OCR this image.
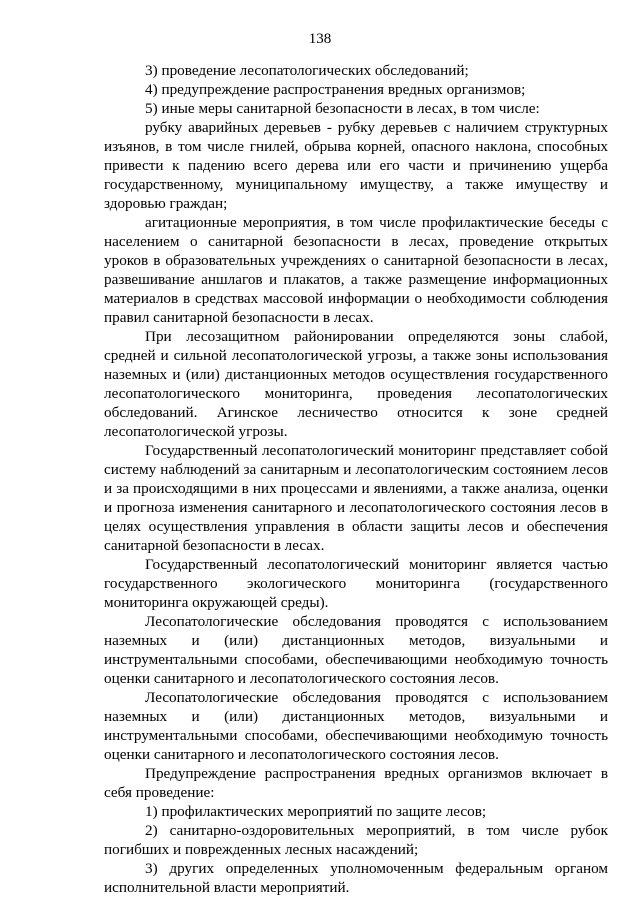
138

3) проведение лесопатологических обследований;

4) предупреждение распространения вредных организмов;

5) иные меры санитарной безопасности в лесах, в том числе:

рубку аварийных деревьев - рубку деревьев с наличием структурных изъянов, в том числе гнилей, обрыва корней, опасного наклона, способных привести к падению всего дерева или его части и причинению ущерба государственному, муниципальному имуществу, а также имуществу и здоровью граждан;

агитационные мероприятия, в том числе профилактические беседы с населением о санитарной безопасности в лесах, проведение открытых уроков в образовательных учреждениях о санитарной безопасности в лесах, развешивание аншлагов и плакатов, а также размещение информационных материалов в средствах массовой информации о необходимости соблюдения правил санитарной безопасности в лесах.

При лесозащитном районировании определяются зоны слабой, средней и сильной лесопатологической угрозы, а также зоны использования наземных и (или) дистанционных методов осуществления государственного лесопатологического мониторинга, проведения лесопатологических обследований. Агинское лесничество относится к зоне средней лесопатологической угрозы.

Государственный лесопатологический мониторинг представляет собой систему наблюдений за санитарным и лесопатологическим состоянием лесов и за происходящими в них процессами и явлениями, а также анализа, оценки и прогноза изменения санитарного и лесопатологического состояния лесов в целях осуществления управления в области защиты лесов и обеспечения санитарной безопасности в лесах.

Государственный лесопатологический мониторинг является частью государственного экологического мониторинга (государственного мониторинга окружающей среды).

Лесопатологические обследования проводятся с использованием наземных и (или) дистанционных методов, визуальными и инструментальными способами, обеспечивающими необходимую точность оценки санитарного и лесопатологического состояния лесов.

Лесопатологические обследования проводятся с использованием наземных и (или) дистанционных методов, визуальными и инструментальными способами, обеспечивающими необходимую точность оценки санитарного и лесопатологического состояния лесов.

Предупреждение распространения вредных организмов включает в себя проведение:

1) профилактических мероприятий по защите лесов;

2) санитарно-оздоровительных мероприятий, в том числе рубок погибших и поврежденных лесных насаждений;

3) других определенных уполномоченным федеральным органом исполнительной власти мероприятий.
